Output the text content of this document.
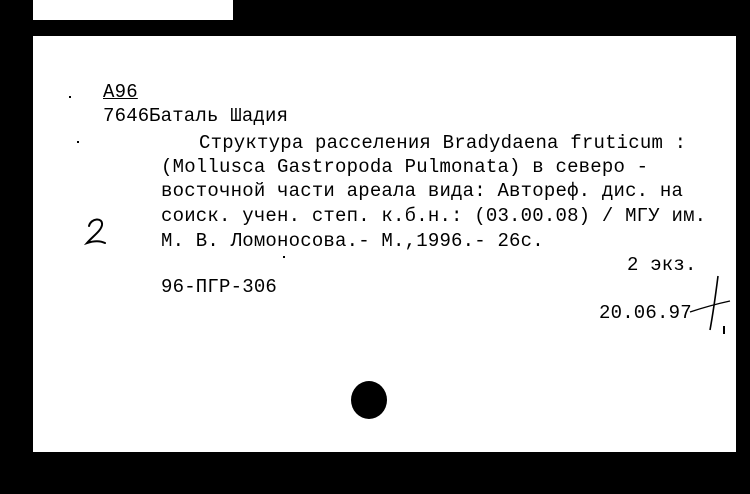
А96
7646 Баталь Шадия
Структура расселения Bradydaena fruticum :
(Mollusca Gastropoda Pulmonata) в северо -
восточной части ареала вида: Автореф. дис. на
соиск. учен. степ. к.б.н.: (03.00.08) / МГУ им.
М. В. Ломоносова.- М.,1996.- 26с.
2 экз.
96-ПГР-306
20.06.97
